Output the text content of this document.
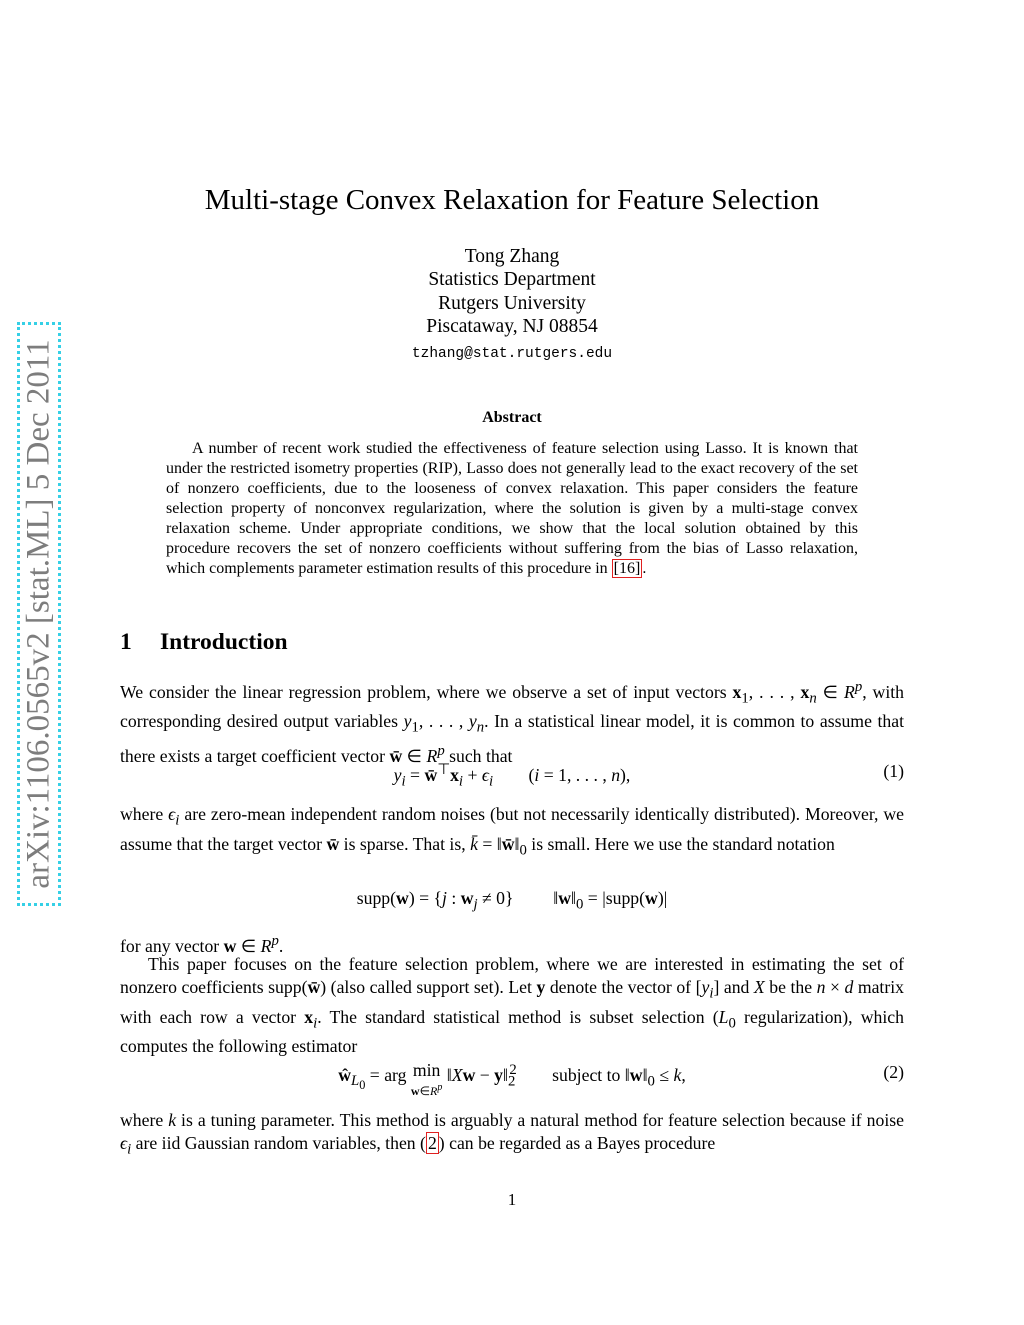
arXiv:1106.0565v2 [stat.ML] 5 Dec 2011
Multi-stage Convex Relaxation for Feature Selection
Tong Zhang
Statistics Department
Rutgers University
Piscataway, NJ 08854
tzhang@stat.rutgers.edu
Abstract
A number of recent work studied the effectiveness of feature selection using Lasso. It is known that under the restricted isometry properties (RIP), Lasso does not generally lead to the exact recovery of the set of nonzero coefficients, due to the looseness of convex relaxation. This paper considers the feature selection property of nonconvex regularization, where the solution is given by a multi-stage convex relaxation scheme. Under appropriate conditions, we show that the local solution obtained by this procedure recovers the set of nonzero coefficients without suffering from the bias of Lasso relaxation, which complements parameter estimation results of this procedure in [16] .
1 Introduction

We consider the linear regression problem, where we observe a set of input vectors $x_1$, . . . , $x_n$ ∈ $R^p$, with corresponding desired output variables $y_1$, . . . , $y_n$. In a statistical linear model, it is common to assume that there exists a target coefficient vector w̄ ∈ $R^p$ such that

$y_i$ = $w̄^⊤x_i + \epsilon_i$        (i = 1, . . . , n),	(1)

where $\epsilon_i$ are zero-mean independent random noises (but not necessarily identically distributed). Moreover, we assume that the target vector w̄ is sparse. That is, k̄ = $‖w̄‖_0$ is small. Here we use the standard notation

supp(w) = {j : $w_j \ne 0$}         $‖w‖_0$ = |supp(w)|

for any vector w ∈ $R^p$.

This paper focuses on the feature selection problem, where we are interested in estimating the set of nonzero coefficients supp(w̄) (also called support set). Let y denote the vector of $[y_i]$ and X be the n × d matrix with each row a vector $x_i$. The standard statistical method is subset selection ($L_0$ regularization), which computes the following estimator

$ŵ_{L_0}$ = arg min
$w\in R^p$ ‖Xw − $y‖_2^2$        subject to $‖w‖_0 \le k$,	(2)

where k is a tuning parameter. This method is arguably a natural method for feature selection because if noise $\epsilon_i$ are iid Gaussian random variables, then ( 2 ) can be regarded as a Bayes procedure

1
